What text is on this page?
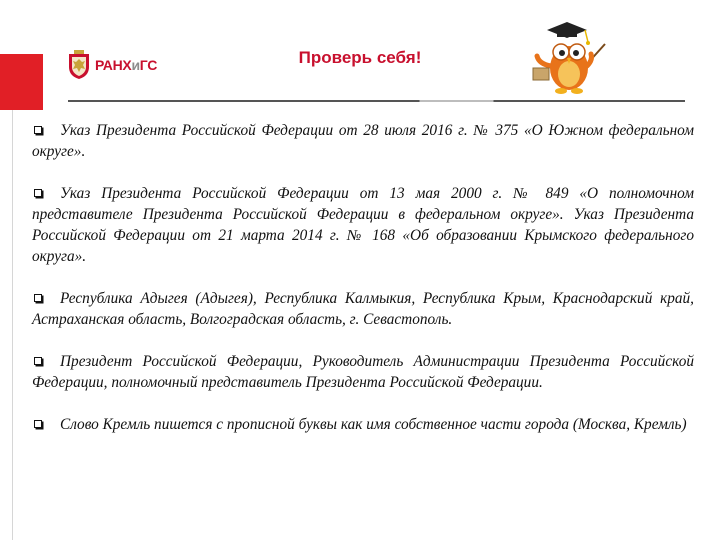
РАНХиГС	Проверь себя!
Указ Президента Российской Федерации от 28 июля 2016 г. № 375 «О Южном федеральном округе».
Указ Президента Российской Федерации от 13 мая 2000 г. № 849 «О полномочном представителе Президента Российской Федерации в федеральном округе». Указ Президента Российской Федерации от 21 марта 2014 г. № 168 «Об образовании Крымского федерального округа».
Республика Адыгея (Адыгея), Республика Калмыкия, Республика Крым, Краснодарский край, Астраханская область, Волгоградская область, г. Севастополь.
Президент Российской Федерации, Руководитель Администрации Президента Российской Федерации, полномочный представитель Президента Российской Федерации.
Слово Кремль пишется с прописной буквы как имя собственное части города (Москва, Кремль)
